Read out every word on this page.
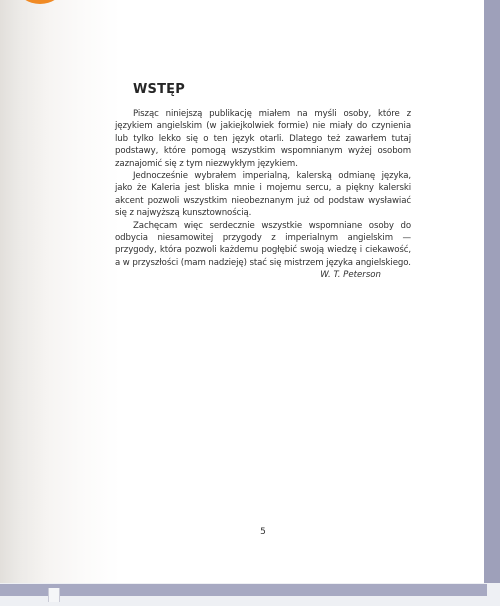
WSTĘP

Pisząc niniejszą publikację miałem na myśli osoby, które z językiem angielskim (w jakiejkolwiek formie) nie miały do czynienia lub tylko lekko się o ten język otarli. Dlatego też zawarłem tutaj podstawy, które pomogą wszystkim wspomnianym wyżej osobom zaznajomić się z tym niezwykłym językiem.

Jednocześnie wybrałem imperialną, kalerską odmianę języka, jako że Kaleria jest bliska mnie i mojemu sercu, a piękny kalerski akcent pozwoli wszystkim nieobeznanym już od podstaw wysławiać się z najwyższą kunsztownością.

Zachęcam więc serdecznie wszystkie wspomniane osoby do odbycia niesamowitej przygody z imperialnym angielskim — przygody, która pozwoli każdemu pogłębić swoją wiedzę i ciekawość, a w przyszłości (mam nadzieję) stać się mistrzem języka angielskiego.

W. T. Peterson
5
